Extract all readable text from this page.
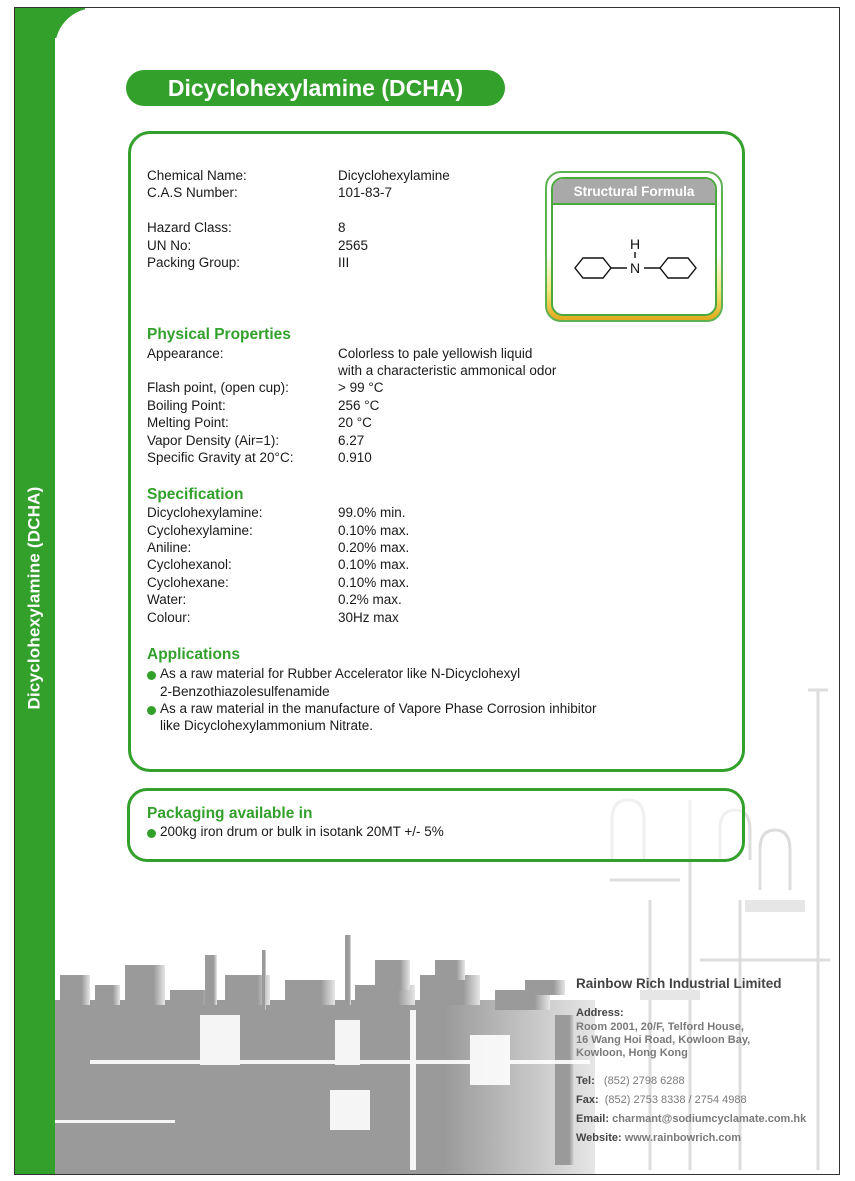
Dicyclohexylamine (DCHA)
Dicyclohexylamine (DCHA)
Chemical Name:	Dicyclohexylamine
C.A.S Number:	101-83-7
Hazard Class:	8
UN No:	2565
Packing Group:	III
Structural Formula
H
N
Physical Properties
Appearance:	Colorless to pale yellowish liquid
with a characteristic ammonical odor
Flash point, (open cup):	> 99 °C
Boiling Point:	256 °C
Melting Point:	20 °C
Vapor Density (Air=1):	6.27
Specific Gravity at 20°C:	0.910
Specification
Dicyclohexylamine:	99.0% min.
Cyclohexylamine:	0.10% max.
Aniline:	0.20% max.
Cyclohexanol:	0.10% max.
Cyclohexane:	0.10% max.
Water:	0.2% max.
Colour:	30Hz max
Applications
As a raw material for Rubber Accelerator like N-Dicyclohexyl
2-Benzothiazolesulfenamide
As a raw material in the manufacture of Vapore Phase Corrosion inhibitor
like Dicyclohexylammonium Nitrate.
Packaging available in
200kg iron drum or bulk in isotank 20MT +/- 5%
Rainbow Rich Industrial Limited
Address:
Room 2001, 20/F, Telford House,
16 Wang Hoi Road, Kowloon Bay,
Kowloon, Hong Kong
Tel: (852) 2798 6288
Fax: (852) 2753 8338 / 2754 4988
Email: charmant@sodiumcyclamate.com.hk
Website: www.rainbowrich.com
